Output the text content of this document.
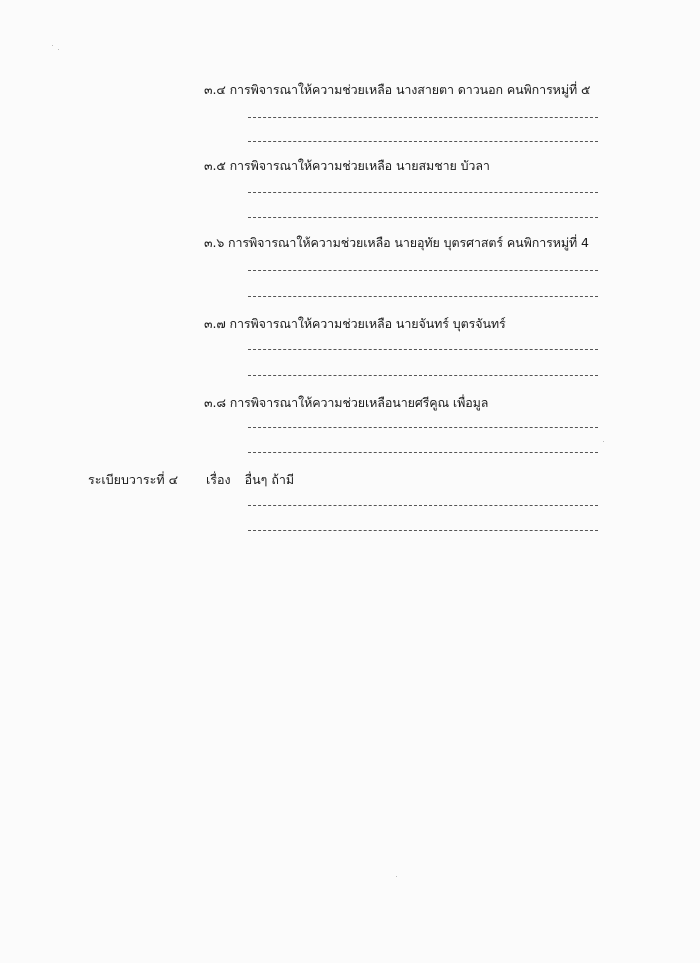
๓.๔ การพิจารณาให้ความช่วยเหลือ นางสายตา ดาวนอก คนพิการหมู่ที่ ๕
๓.๕ การพิจารณาให้ความช่วยเหลือ นายสมชาย บัวลา
๓.๖ การพิจารณาให้ความช่วยเหลือ นายอุทัย บุตรศาสตร์ คนพิการหมู่ที่ 4
๓.๗ การพิจารณาให้ความช่วยเหลือ นายจันทร์ บุตรจันทร์
๓.๘ การพิจารณาให้ความช่วยเหลือนายศรีคูณ เพื่อมูล
ระเบียบวาระที่ ๔ เรื่อง อื่นๆ ถ้ามี
